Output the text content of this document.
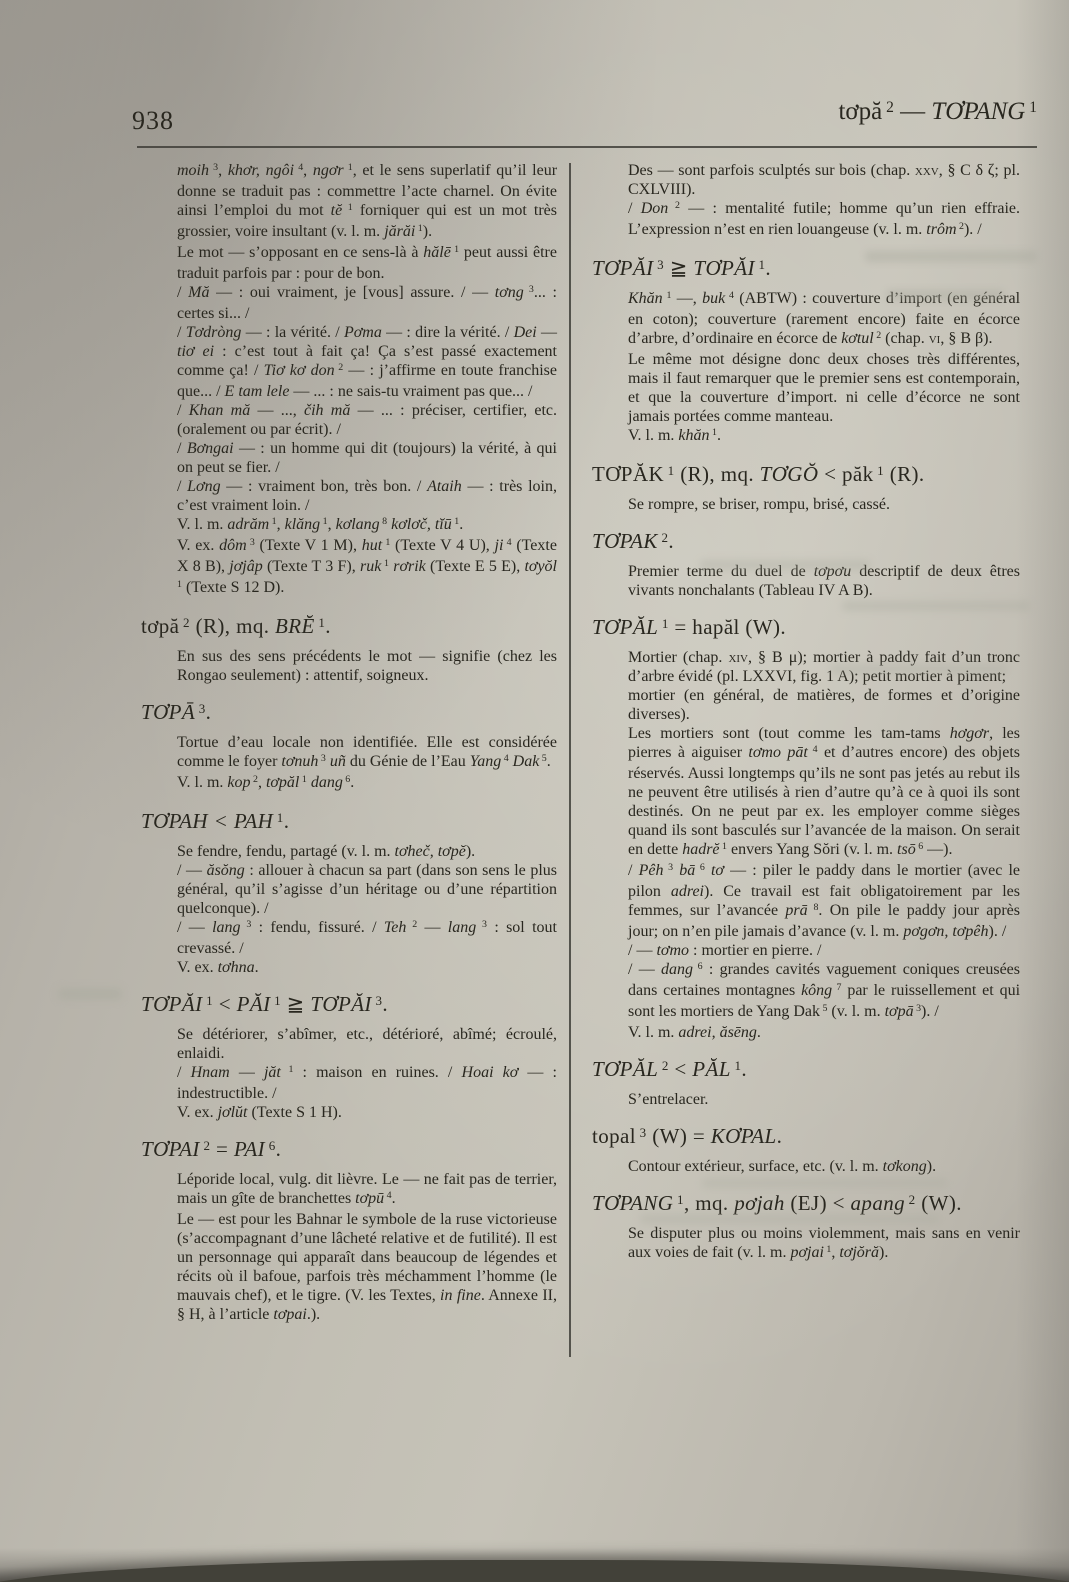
938	tơpă $^2$ — TƠPANG $^1$
moih $^3$, khơr, ngôi $^4$, ngơr $^1$, et le sens superlatif qu’il leur donne se traduit pas : commettre l’acte charnel. On évite ainsi l’emploi du mot tĕ $^1$ forniquer qui est un mot très grossier, voire insultant (v. l. m. jărăi $^1$).
Le mot — s’opposant en ce sens-là à hălē $^1$ peut aussi être traduit parfois par : pour de bon.
/ Mă — : oui vraiment, je [vous] assure. / — tơng $^3$... : certes si... /
/ Tơdròng — : la vérité. / Pơma — : dire la vérité. / Dei — tiơ ei : c’est tout à fait ça! Ça s’est passé exactement comme ça! / Tiơ kơ don $^2$ — : j’affirme en toute franchise que... / E tam lele — ... : ne sais-tu vraiment pas que... /
/ Khan mă — ..., čih mă — ... : préciser, certifier, etc. (oralement ou par écrit). /
/ Bơngai — : un homme qui dit (toujours) la vérité, à qui on peut se fier. /
/ Lơng — : vraiment bon, très bon. / Ataih — : très loin, c’est vraiment loin. /
V. l. m. adrăm $^1$, klăng $^1$, kơlang $^8$ kơlơč, tĭū $^1$.
V. ex. dôm $^3$ (Texte V 1 M), hut $^1$ (Texte V 4 U), ji $^4$ (Texte X 8 B), jơjâp (Texte T 3 F), ruk $^1$ rơrik (Texte E 5 E), tơyŏl $^1$ (Texte S 12 D).
tơpă $^2$ (R), mq. BRĔ $^1$.
En sus des sens précédents le mot — signifie (chez les Rongao seulement) : attentif, soigneux.
TƠPĀ $^3$.
Tortue d’eau locale non identifiée. Elle est considérée comme le foyer tơnuh $^3$ uñ du Génie de l’Eau Yang $^4$ Dak $^5$.
V. l. m. kop $^2$, tơpăl $^1$ dang $^6$.
TƠPAH < PAH $^1$.
Se fendre, fendu, partagé (v. l. m. tơheč, tơpĕ).
/ — ăsŏng : allouer à chacun sa part (dans son sens le plus général, qu’il s’agisse d’un héritage ou d’une répartition quelconque). /
/ — lang $^3$ : fendu, fissuré. / Teh $^2$ — lang $^3$ : sol tout crevassé. /
V. ex. tơhna.
TƠPĂI $^1$ < PĂI $^1$ ≧ TƠPĂI $^3$.
Se détériorer, s’abîmer, etc., détérioré, abîmé; écroulé, enlaidi.
/ Hnam — jăt $^1$ : maison en ruines. / Hoai kơ — : indestructible. /
V. ex. jơlŭt (Texte S 1 H).
TƠPAI $^2$ = PAI $^6$.
Léporide local, vulg. dit lièvre. Le — ne fait pas de terrier, mais un gîte de branchettes tơpū $^4$.
Le — est pour les Bahnar le symbole de la ruse victorieuse (s’accompagnant d’une lâcheté relative et de futilité). Il est un personnage qui apparaît dans beaucoup de légendes et récits où il bafoue, parfois très méchamment l’homme (le mauvais chef), et le tigre. (V. les Textes, in fine. Annexe II, § H, à l’article tơpai.).
Des — sont parfois sculptés sur bois (chap. xxv, § C δ ζ; pl. CXLVIII).
/ Don $^2$ — : mentalité futile; homme qu’un rien effraie. L’expression n’est en rien louangeuse (v. l. m. trôm $^2$). /
TƠPĂI $^3$ ≧ TƠPĂI $^1$.
Khăn $^1$ —, buk $^4$ (ABTW) : couverture d’import (en général en coton); couverture (rarement encore) faite en écorce d’arbre, d’ordinaire en écorce de kơtul $^2$ (chap. vi, § B β).
Le même mot désigne donc deux choses très différentes, mais il faut remarquer que le premier sens est contemporain, et que la couverture d’import. ni celle d’écorce ne sont jamais portées comme manteau.
V. l. m. khăn $^1$.
TƠPĂK $^1$ (R), mq. TƠGŎ < păk $^1$ (R).
Se rompre, se briser, rompu, brisé, cassé.
TƠPAK $^2$.
Premier terme du duel de tơpơu descriptif de deux êtres vivants nonchalants (Tableau IV A B).
TƠPĂL $^1$ = hapăl (W).
Mortier (chap. xiv, § B μ); mortier à paddy fait d’un tronc d’arbre évidé (pl. LXXVI, fig. 1 A); petit mortier à piment;
mortier (en général, de matières, de formes et d’origine diverses).
Les mortiers sont (tout comme les tam-tams hơgơr, les pierres à aiguiser tơmo pāt $^4$ et d’autres encore) des objets réservés. Aussi longtemps qu’ils ne sont pas jetés au rebut ils ne peuvent être utilisés à rien d’autre qu’à ce à quoi ils sont destinés. On ne peut par ex. les employer comme sièges quand ils sont basculés sur l’avancée de la maison. On serait en dette hadrĕ $^1$ envers Yang Sŏri (v. l. m. tsō $^6$ —).
/ Pêh $^3$ bā $^6$ tơ — : piler le paddy dans le mortier (avec le pilon adrei). Ce travail est fait obligatoirement par les femmes, sur l’avancée prā $^8$. On pile le paddy jour après jour; on n’en pile jamais d’avance (v. l. m. pơgơn, tơpêh). /
/ — tơmo : mortier en pierre. /
/ — dang $^6$ : grandes cavités vaguement coniques creusées dans certaines montagnes kông $^7$ par le ruissellement et qui sont les mortiers de Yang Dak $^5$ (v. l. m. tơpā $^3$). /
V. l. m. adrei, ăsēng.
TƠPĂL $^2$ < PĂL $^1$.
S’entrelacer.
topal $^3$ (W) = KƠPAL.
Contour extérieur, surface, etc. (v. l. m. tơkong).
TƠPANG $^1$, mq. pơjah (EJ) < apang $^2$ (W).
Se disputer plus ou moins violemment, mais sans en venir aux voies de fait (v. l. m. pơjai $^1$, tơjŏră).
